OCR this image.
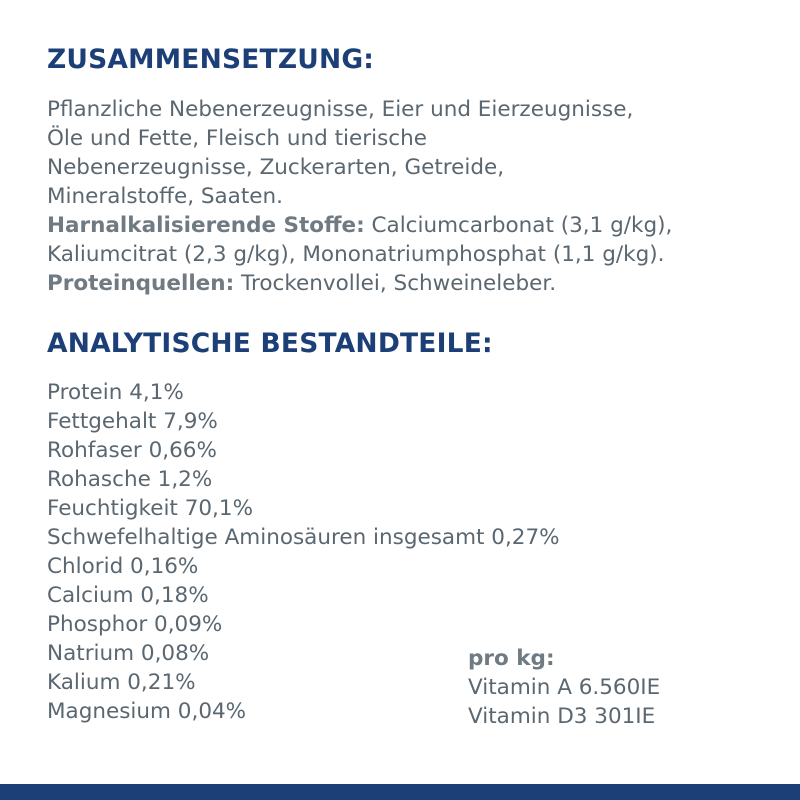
ZUSAMMENSETZUNG:
Pflanzliche Nebenerzeugnisse, Eier und Eierzeugnisse,
Öle und Fette, Fleisch und tierische
Nebenerzeugnisse, Zuckerarten, Getreide,
Mineralstoffe, Saaten.
Harnalkalisierende Stoffe: Calciumcarbonat (3,1 g/kg),
Kaliumcitrat (2,3 g/kg), Mononatriumphosphat (1,1 g/kg).
Proteinquellen: Trockenvollei, Schweineleber.
ANALYTISCHE BESTANDTEILE:
Protein 4,1%
Fettgehalt 7,9%
Rohfaser 0,66%
Rohasche 1,2%
Feuchtigkeit 70,1%
Schwefelhaltige Aminosäuren insgesamt 0,27%
Chlorid 0,16%
Calcium 0,18%
Phosphor 0,09%
Natrium 0,08%
Kalium 0,21%
Magnesium 0,04%
pro kg:
Vitamin A 6.560IE
Vitamin D3 301IE
